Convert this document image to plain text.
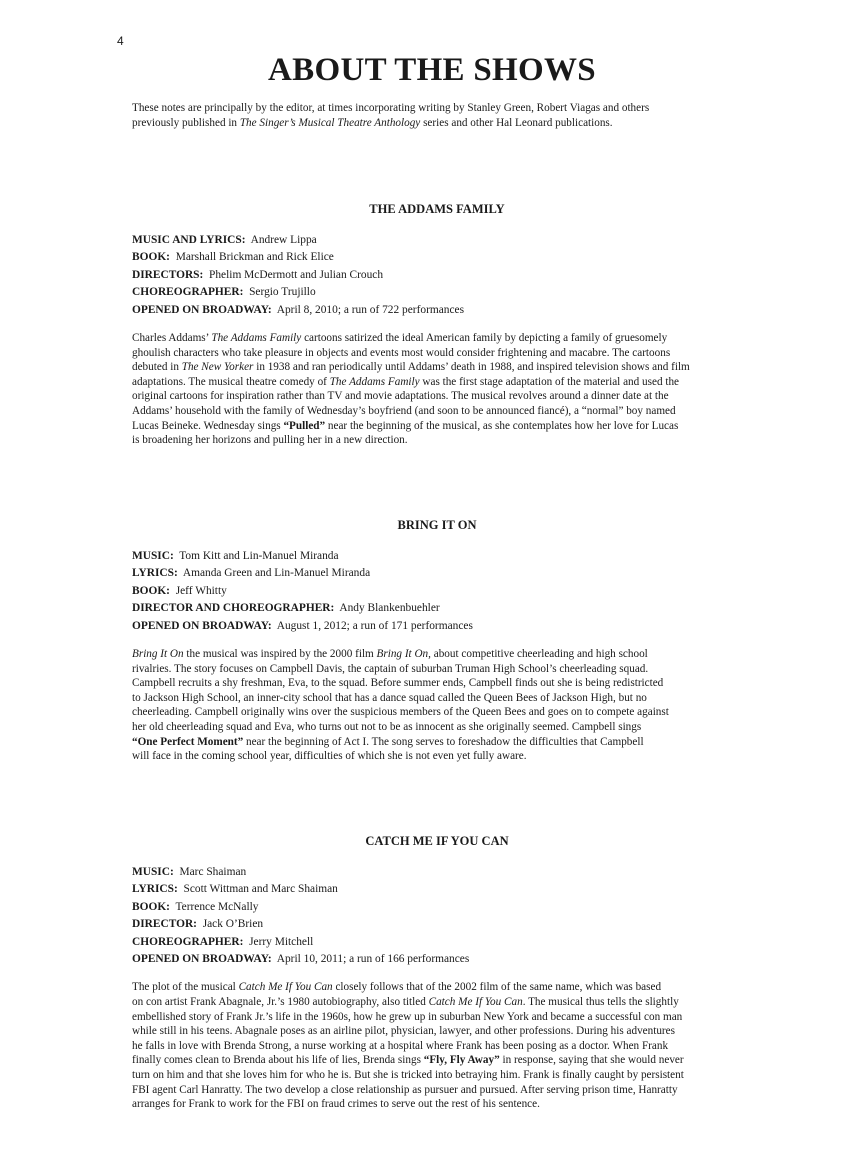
4
ABOUT THE SHOWS

These notes are principally by the editor, at times incorporating writing by Stanley Green, Robert Viagas and others
previously published in The Singer’s Musical Theatre Anthology series and other Hal Leonard publications.

THE ADDAMS FAMILY
MUSIC AND LYRICS: Andrew Lippa
BOOK: Marshall Brickman and Rick Elice
DIRECTORS: Phelim McDermott and Julian Crouch
CHOREOGRAPHER: Sergio Trujillo
OPENED ON BROADWAY: April 8, 2010; a run of 722 performances

Charles Addams’ The Addams Family cartoons satirized the ideal American family by depicting a family of gruesomely
ghoulish characters who take pleasure in objects and events most would consider frightening and macabre. The cartoons
debuted in The New Yorker in 1938 and ran periodically until Addams’ death in 1988, and inspired television shows and film
adaptations. The musical theatre comedy of The Addams Family was the first stage adaptation of the material and used the
original cartoons for inspiration rather than TV and movie adaptations. The musical revolves around a dinner date at the
Addams’ household with the family of Wednesday’s boyfriend (and soon to be announced fiancé), a “normal” boy named
Lucas Beineke. Wednesday sings “Pulled” near the beginning of the musical, as she contemplates how her love for Lucas
is broadening her horizons and pulling her in a new direction.

BRING IT ON
MUSIC: Tom Kitt and Lin-Manuel Miranda
LYRICS: Amanda Green and Lin-Manuel Miranda
BOOK: Jeff Whitty
DIRECTOR AND CHOREOGRAPHER: Andy Blankenbuehler
OPENED ON BROADWAY: August 1, 2012; a run of 171 performances

Bring It On the musical was inspired by the 2000 film Bring It On, about competitive cheerleading and high school
rivalries. The story focuses on Campbell Davis, the captain of suburban Truman High School’s cheerleading squad.
Campbell recruits a shy freshman, Eva, to the squad. Before summer ends, Campbell finds out she is being redistricted
to Jackson High School, an inner-city school that has a dance squad called the Queen Bees of Jackson High, but no
cheerleading. Campbell originally wins over the suspicious members of the Queen Bees and goes on to compete against
her old cheerleading squad and Eva, who turns out not to be as innocent as she originally seemed. Campbell sings
“One Perfect Moment” near the beginning of Act I. The song serves to foreshadow the difficulties that Campbell
will face in the coming school year, difficulties of which she is not even yet fully aware.

CATCH ME IF YOU CAN
MUSIC: Marc Shaiman
LYRICS: Scott Wittman and Marc Shaiman
BOOK: Terrence McNally
DIRECTOR: Jack O’Brien
CHOREOGRAPHER: Jerry Mitchell
OPENED ON BROADWAY: April 10, 2011; a run of 166 performances

The plot of the musical Catch Me If You Can closely follows that of the 2002 film of the same name, which was based
on con artist Frank Abagnale, Jr.’s 1980 autobiography, also titled Catch Me If You Can. The musical thus tells the slightly
embellished story of Frank Jr.’s life in the 1960s, how he grew up in suburban New York and became a successful con man
while still in his teens. Abagnale poses as an airline pilot, physician, lawyer, and other professions. During his adventures
he falls in love with Brenda Strong, a nurse working at a hospital where Frank has been posing as a doctor. When Frank
finally comes clean to Brenda about his life of lies, Brenda sings “Fly, Fly Away” in response, saying that she would never
turn on him and that she loves him for who he is. But she is tricked into betraying him. Frank is finally caught by persistent
FBI agent Carl Hanratty. The two develop a close relationship as pursuer and pursued. After serving prison time, Hanratty
arranges for Frank to work for the FBI on fraud crimes to serve out the rest of his sentence.
